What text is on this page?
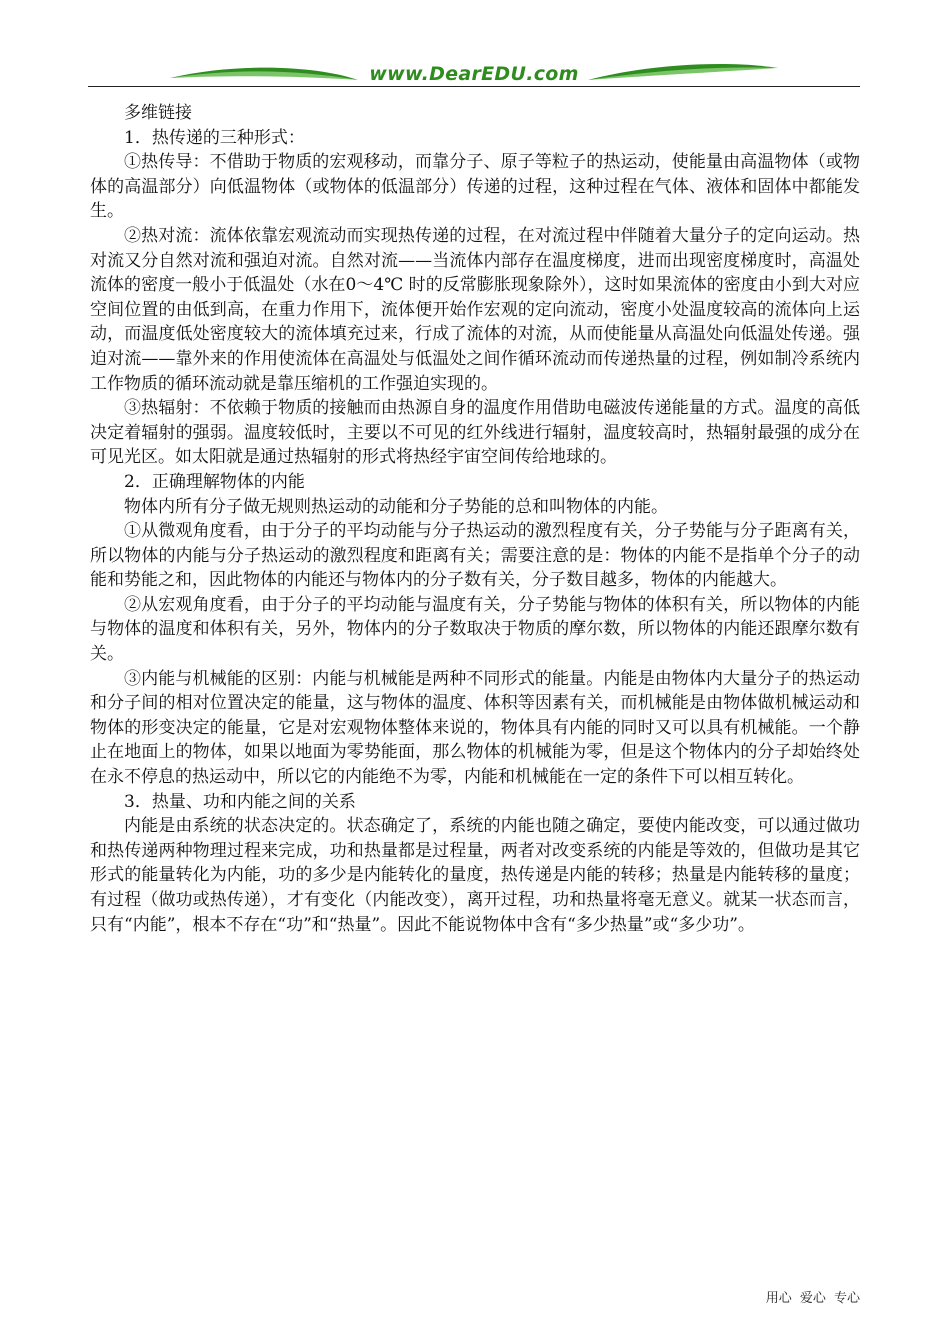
www.DearEDU.com

多维链接

1．热传递的三种形式：

①热传导：不借助于物质的宏观移动，而靠分子、原子等粒子的热运动，使能量由高温物体（或物体的高温部分）向低温物体（或物体的低温部分）传递的过程，这种过程在气体、液体和固体中都能发生。

②热对流：流体依靠宏观流动而实现热传递的过程，在对流过程中伴随着大量分子的定向运动。热对流又分自然对流和强迫对流。自然对流——当流体内部存在温度梯度，进而出现密度梯度时，高温处流体的密度一般小于低温处（水在0～4℃ 时的反常膨胀现象除外），这时如果流体的密度由小到大对应空间位置的由低到高，在重力作用下，流体便开始作宏观的定向流动，密度小处温度较高的流体向上运动，而温度低处密度较大的流体填充过来，行成了流体的对流，从而使能量从高温处向低温处传递。强迫对流——靠外来的作用使流体在高温处与低温处之间作循环流动而传递热量的过程，例如制冷系统内工作物质的循环流动就是靠压缩机的工作强迫实现的。

③热辐射：不依赖于物质的接触而由热源自身的温度作用借助电磁波传递能量的方式。温度的高低决定着辐射的强弱。温度较低时，主要以不可见的红外线进行辐射，温度较高时，热辐射最强的成分在可见光区。如太阳就是通过热辐射的形式将热经宇宙空间传给地球的。

2．正确理解物体的内能

物体内所有分子做无规则热运动的动能和分子势能的总和叫物体的内能。

①从微观角度看，由于分子的平均动能与分子热运动的激烈程度有关，分子势能与分子距离有关，所以物体的内能与分子热运动的激烈程度和距离有关；需要注意的是：物体的内能不是指单个分子的动能和势能之和，因此物体的内能还与物体内的分子数有关，分子数目越多，物体的内能越大。

②从宏观角度看，由于分子的平均动能与温度有关，分子势能与物体的体积有关，所以物体的内能与物体的温度和体积有关，另外，物体内的分子数取决于物质的摩尔数，所以物体的内能还跟摩尔数有关。

③内能与机械能的区别：内能与机械能是两种不同形式的能量。内能是由物体内大量分子的热运动和分子间的相对位置决定的能量，这与物体的温度、体积等因素有关，而机械能是由物体做机械运动和物体的形变决定的能量，它是对宏观物体整体来说的，物体具有内能的同时又可以具有机械能。一个静止在地面上的物体，如果以地面为零势能面，那么物体的机械能为零，但是这个物体内的分子却始终处在永不停息的热运动中，所以它的内能绝不为零，内能和机械能在一定的条件下可以相互转化。

3．热量、功和内能之间的关系

内能是由系统的状态决定的。状态确定了，系统的内能也随之确定，要使内能改变，可以通过做功和热传递两种物理过程来完成，功和热量都是过程量，两者对改变系统的内能是等效的，但做功是其它形式的能量转化为内能，功的多少是内能转化的量度，热传递是内能的转移；热量是内能转移的量度；有过程（做功或热传递），才有变化（内能改变），离开过程，功和热量将毫无意义。就某一状态而言，只有“内能”，根本不存在“功”和“热量”。因此不能说物体中含有“多少热量”或“多少功”。

用心 爱心 专心
